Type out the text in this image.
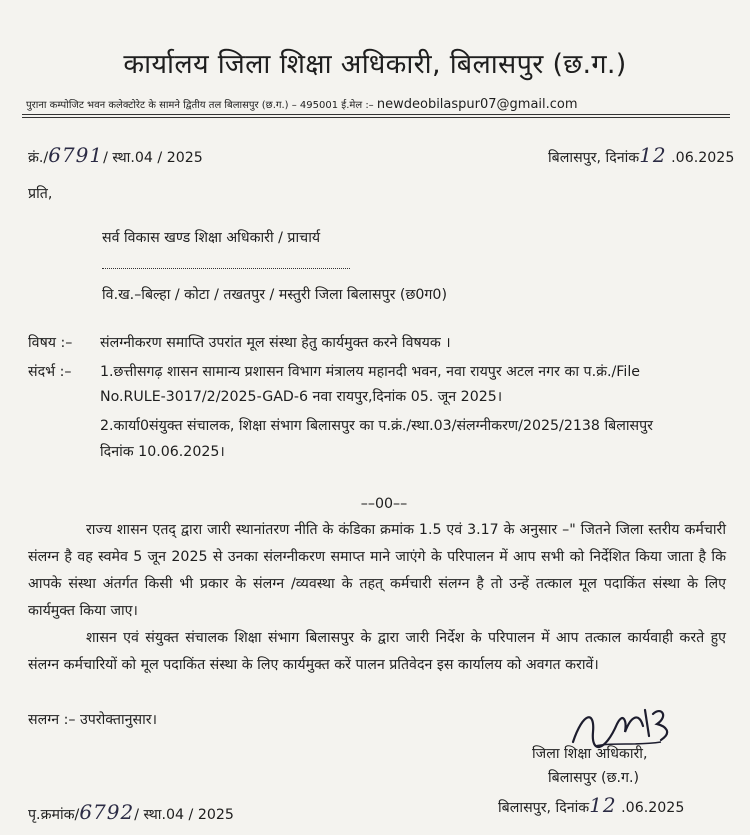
कार्यालय जिला शिक्षा अधिकारी, बिलासपुर (छ.ग.)
पुराना कम्पोजिट भवन कलेक्टोरेट के सामने द्वितीय तल बिलासपुर (छ.ग.) – 495001 ई.मेल :– newdeobilaspur07@gmail.com
क्रं./6791/ स्था.04 / 2025	बिलासपुर, दिनांक12 .06.2025
प्रति,
सर्व विकास खण्ड शिक्षा अधिकारी / प्राचार्य
वि.ख.–बिल्हा / कोटा / तखतपुर / मस्तुरी जिला बिलासपुर (छ0ग0)
विषय :– संलग्नीकरण समाप्ति उपरांत मूल संस्था हेतु कार्यमुक्त करने विषयक ।
संदर्भ :– 1.छत्तीसगढ़ शासन सामान्य प्रशासन विभाग मंत्रालय महानदी भवन, नवा रायपुर अटल नगर का प.क्रं./File
No.RULE-3017/2/2025-GAD-6 नवा रायपुर,दिनांक 05. जून 2025।
2.कार्या0संयुक्त संचालक, शिक्षा संभाग बिलासपुर का प.क्रं./स्था.03/संलग्नीकरण/2025/2138 बिलासपुर
दिनांक 10.06.2025।
––00––
राज्य शासन एतद् द्वारा जारी स्थानांतरण नीति के कंडिका क्रमांक 1.5 एवं 3.17 के अनुसार –" जितने जिला स्तरीय कर्मचारी संलग्न है वह स्वमेव 5 जून 2025 से उनका संलग्नीकरण समाप्त माने जाएंगे के परिपालन में आप सभी को निर्देशित किया जाता है कि आपके संस्था अंतर्गत किसी भी प्रकार के संलग्न /व्यवस्था के तहत् कर्मचारी संलग्न है तो उन्हें तत्काल मूल पदाकिंत संस्था के लिए कार्यमुक्त किया जाए।
शासन एवं संयुक्त संचालक शिक्षा संभाग बिलासपुर के द्वारा जारी निर्देश के परिपालन में आप तत्काल कार्यवाही करते हुए संलग्न कर्मचारियों को मूल पदाकिंत संस्था के लिए कार्यमुक्त करें पालन प्रतिवेदन इस कार्यालय को अवगत करावें।
सलग्न :– उपरोक्तानुसार।
जिला शिक्षा अधिकारी,
बिलासपुर (छ.ग.)
बिलासपुर, दिनांक12 .06.2025
पृ.क्रमांक/6792/ स्था.04 / 2025
